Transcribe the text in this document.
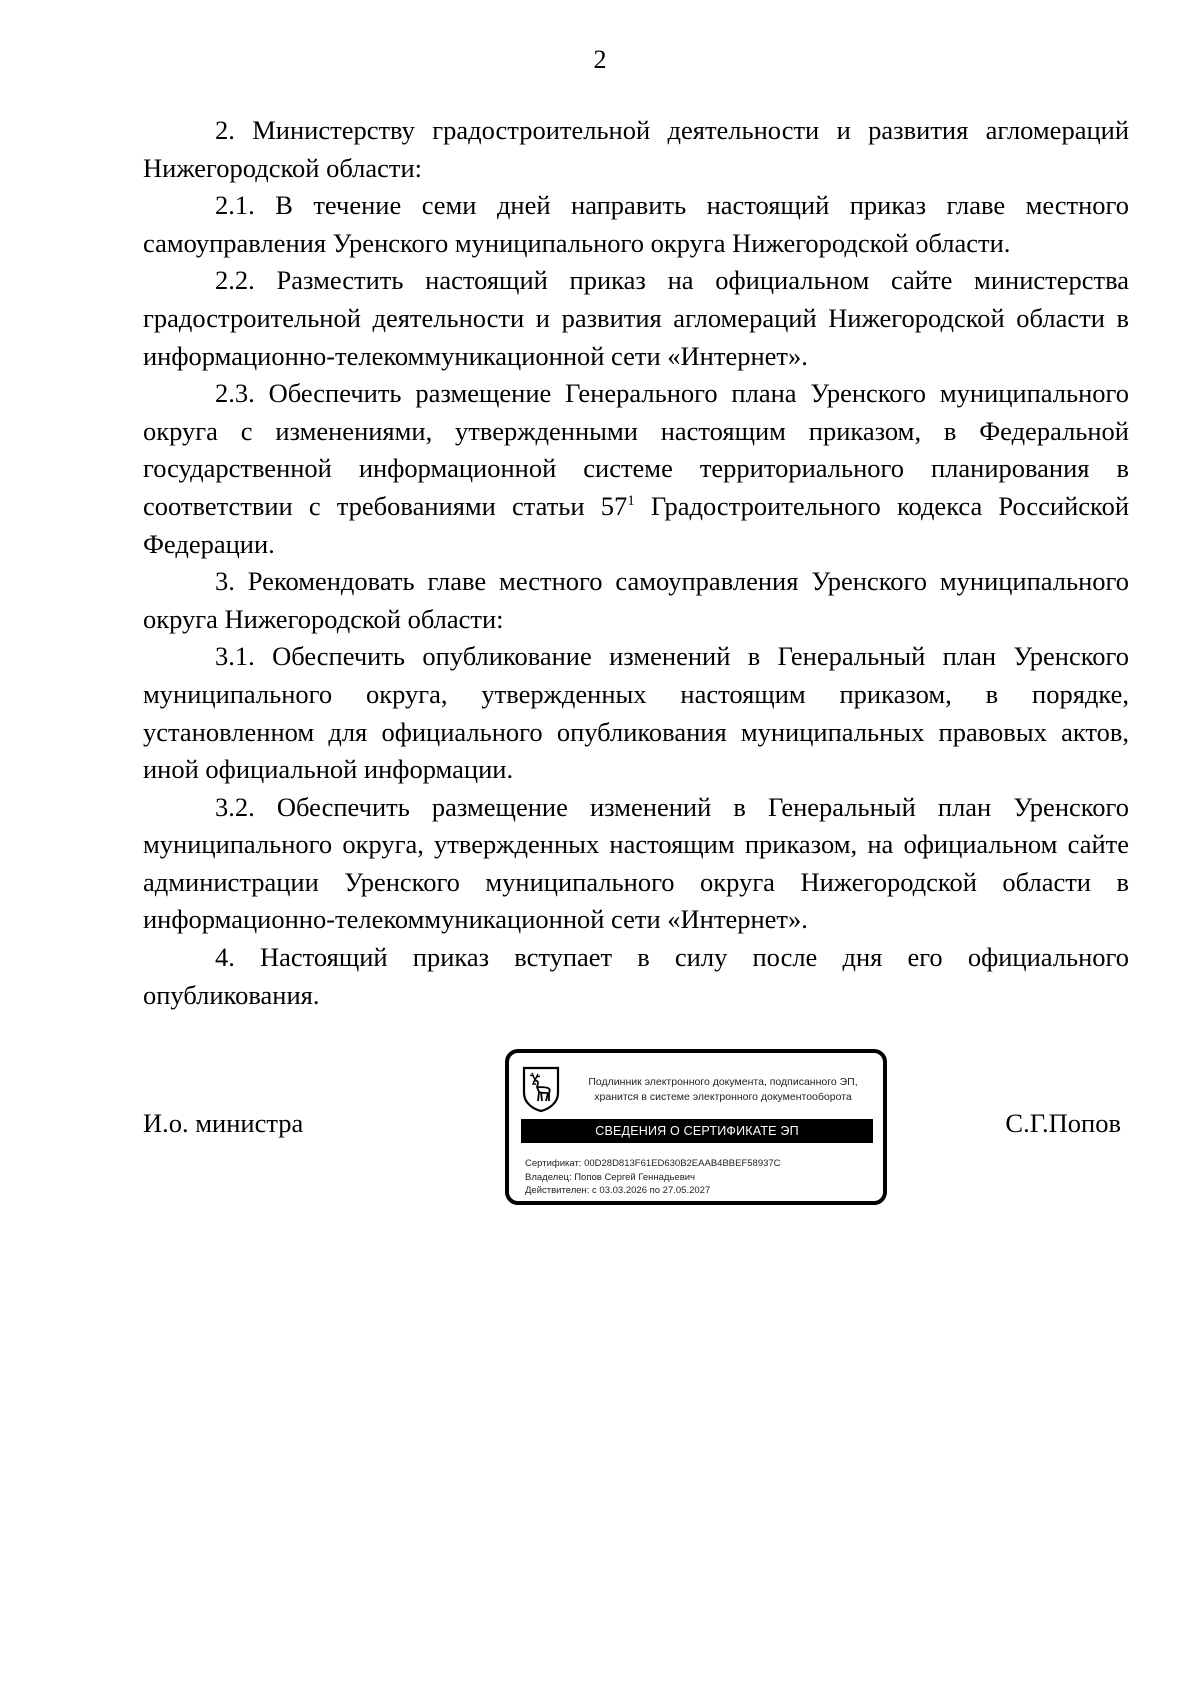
2

2. Министерству градостроительной деятельности и развития агломераций Нижегородской области:

2.1. В течение семи дней направить настоящий приказ главе местного самоуправления Уренского муниципального округа Нижегородской области.

2.2. Разместить настоящий приказ на официальном сайте министерства градостроительной деятельности и развития агломераций Нижегородской области в информационно-телекоммуникационной сети «Интернет».

2.3. Обеспечить размещение Генерального плана Уренского муниципального округа с изменениями, утвержденными настоящим приказом, в Федеральной государственной информационной системе территориального планирования в соответствии с требованиями статьи $57^1$ Градостроительного кодекса Российской Федерации.

3. Рекомендовать главе местного самоуправления Уренского муниципального округа Нижегородской области:

3.1. Обеспечить опубликование изменений в Генеральный план Уренского муниципального округа, утвержденных настоящим приказом, в порядке, установленном для официального опубликования муниципальных правовых актов, иной официальной информации.

3.2. Обеспечить размещение изменений в Генеральный план Уренского муниципального округа, утвержденных настоящим приказом, на официальном сайте администрации Уренского муниципального округа Нижегородской области в информационно-телекоммуникационной сети «Интернет».

4. Настоящий приказ вступает в силу после дня его официального опубликования.

И.о. министра
Подлинник электронного документа, подписанного ЭП,
хранится в системе электронного документооборота
СВЕДЕНИЯ О СЕРТИФИКАТЕ ЭП
Сертификат: 00D28D813F61ED630B2EAAB4BBEF58937C
Владелец: Попов Сергей Геннадьевич
Действителен: с 03.03.2026 по 27.05.2027
С.Г.Попов
